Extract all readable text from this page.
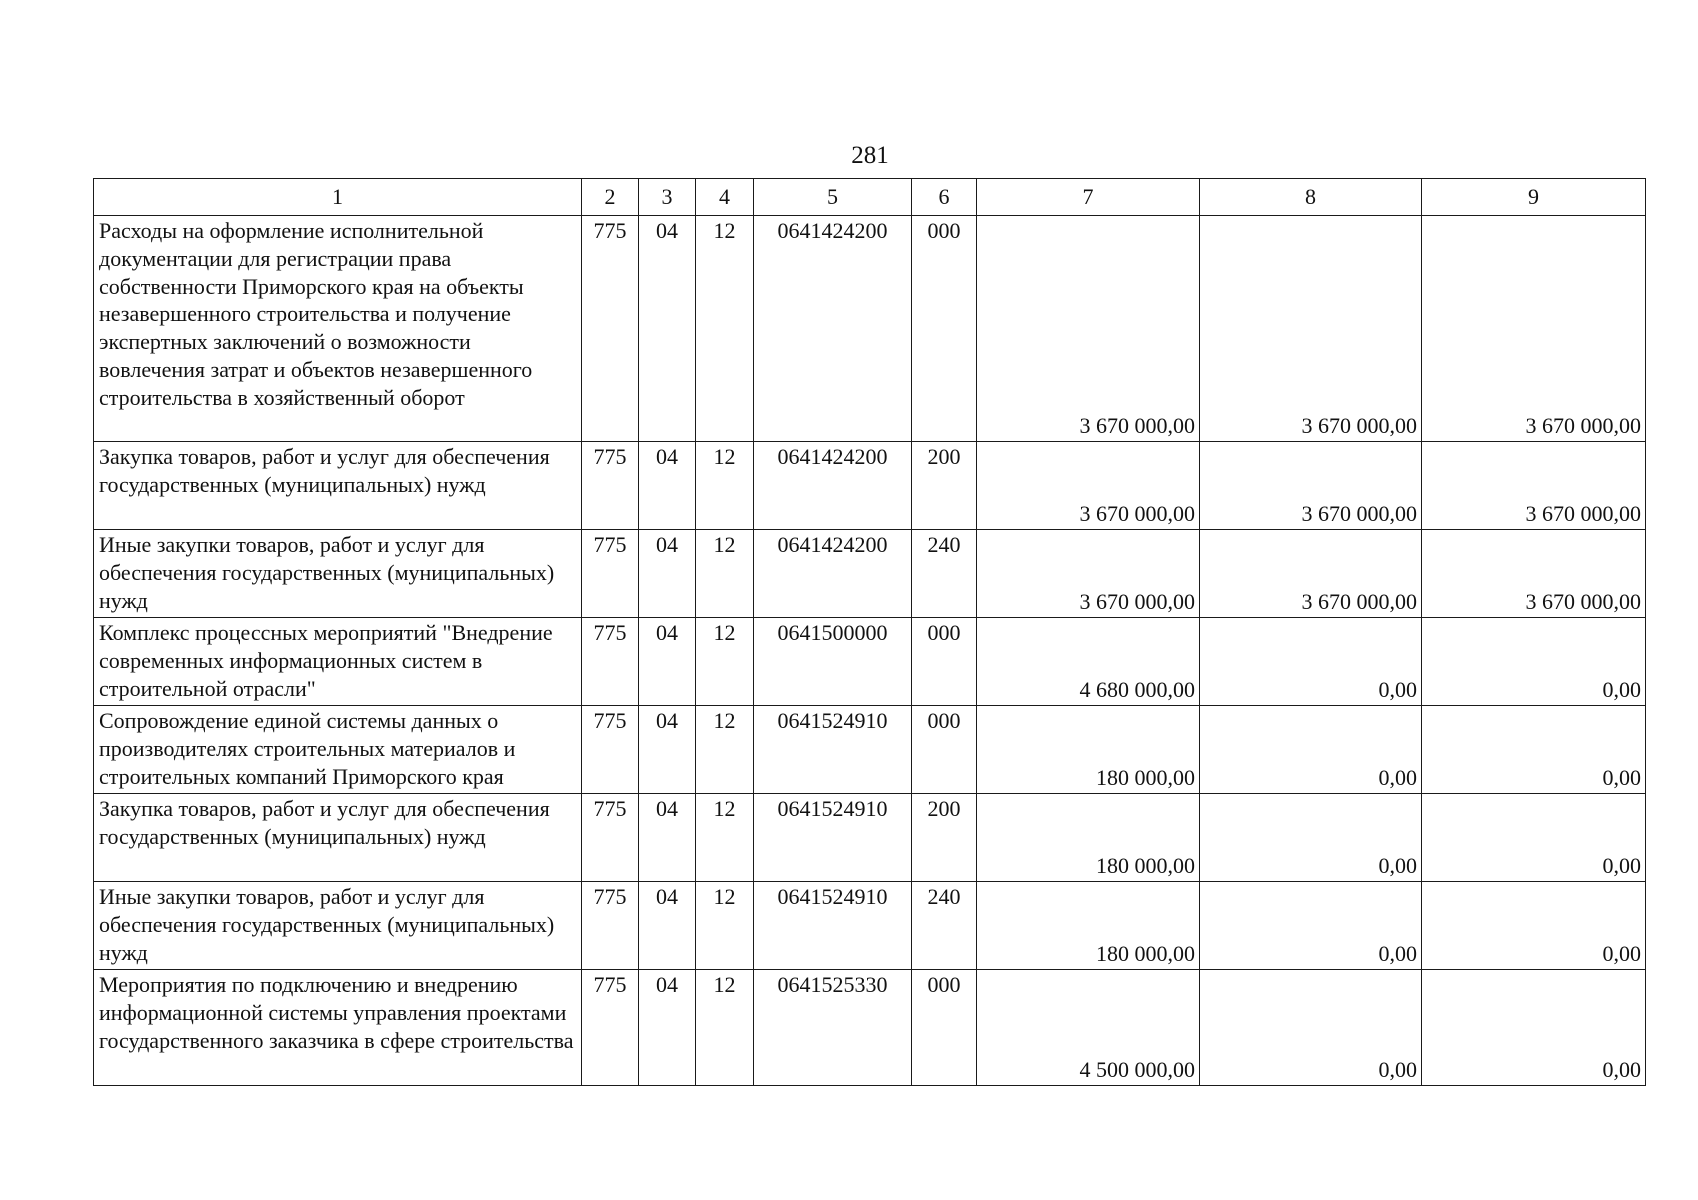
281
1	2	3	4	5	6	7	8	9
Расходы на оформление исполнительной документации для регистрации права собственности Приморского края на объекты незавершенного строительства и получение экспертных заключений о возможности вовлечения затрат и объектов незавершенного строительства в хозяйственный оборот	775	04	12	0641424200	000	3 670 000,00	3 670 000,00	3 670 000,00
Закупка товаров, работ и услуг для обеспечения государственных (муниципальных) нужд	775	04	12	0641424200	200	3 670 000,00	3 670 000,00	3 670 000,00
Иные закупки товаров, работ и услуг для обеспечения государственных (муниципальных) нужд	775	04	12	0641424200	240	3 670 000,00	3 670 000,00	3 670 000,00
Комплекс процессных мероприятий "Внедрение современных информационных систем в строительной отрасли"	775	04	12	0641500000	000	4 680 000,00	0,00	0,00
Сопровождение единой системы данных о производителях строительных материалов и строительных компаний Приморского края	775	04	12	0641524910	000	180 000,00	0,00	0,00
Закупка товаров, работ и услуг для обеспечения государственных (муниципальных) нужд	775	04	12	0641524910	200	180 000,00	0,00	0,00
Иные закупки товаров, работ и услуг для обеспечения государственных (муниципальных) нужд	775	04	12	0641524910	240	180 000,00	0,00	0,00
Мероприятия по подключению и внедрению информационной системы управления проектами государственного заказчика в сфере строительства	775	04	12	0641525330	000	4 500 000,00	0,00	0,00
